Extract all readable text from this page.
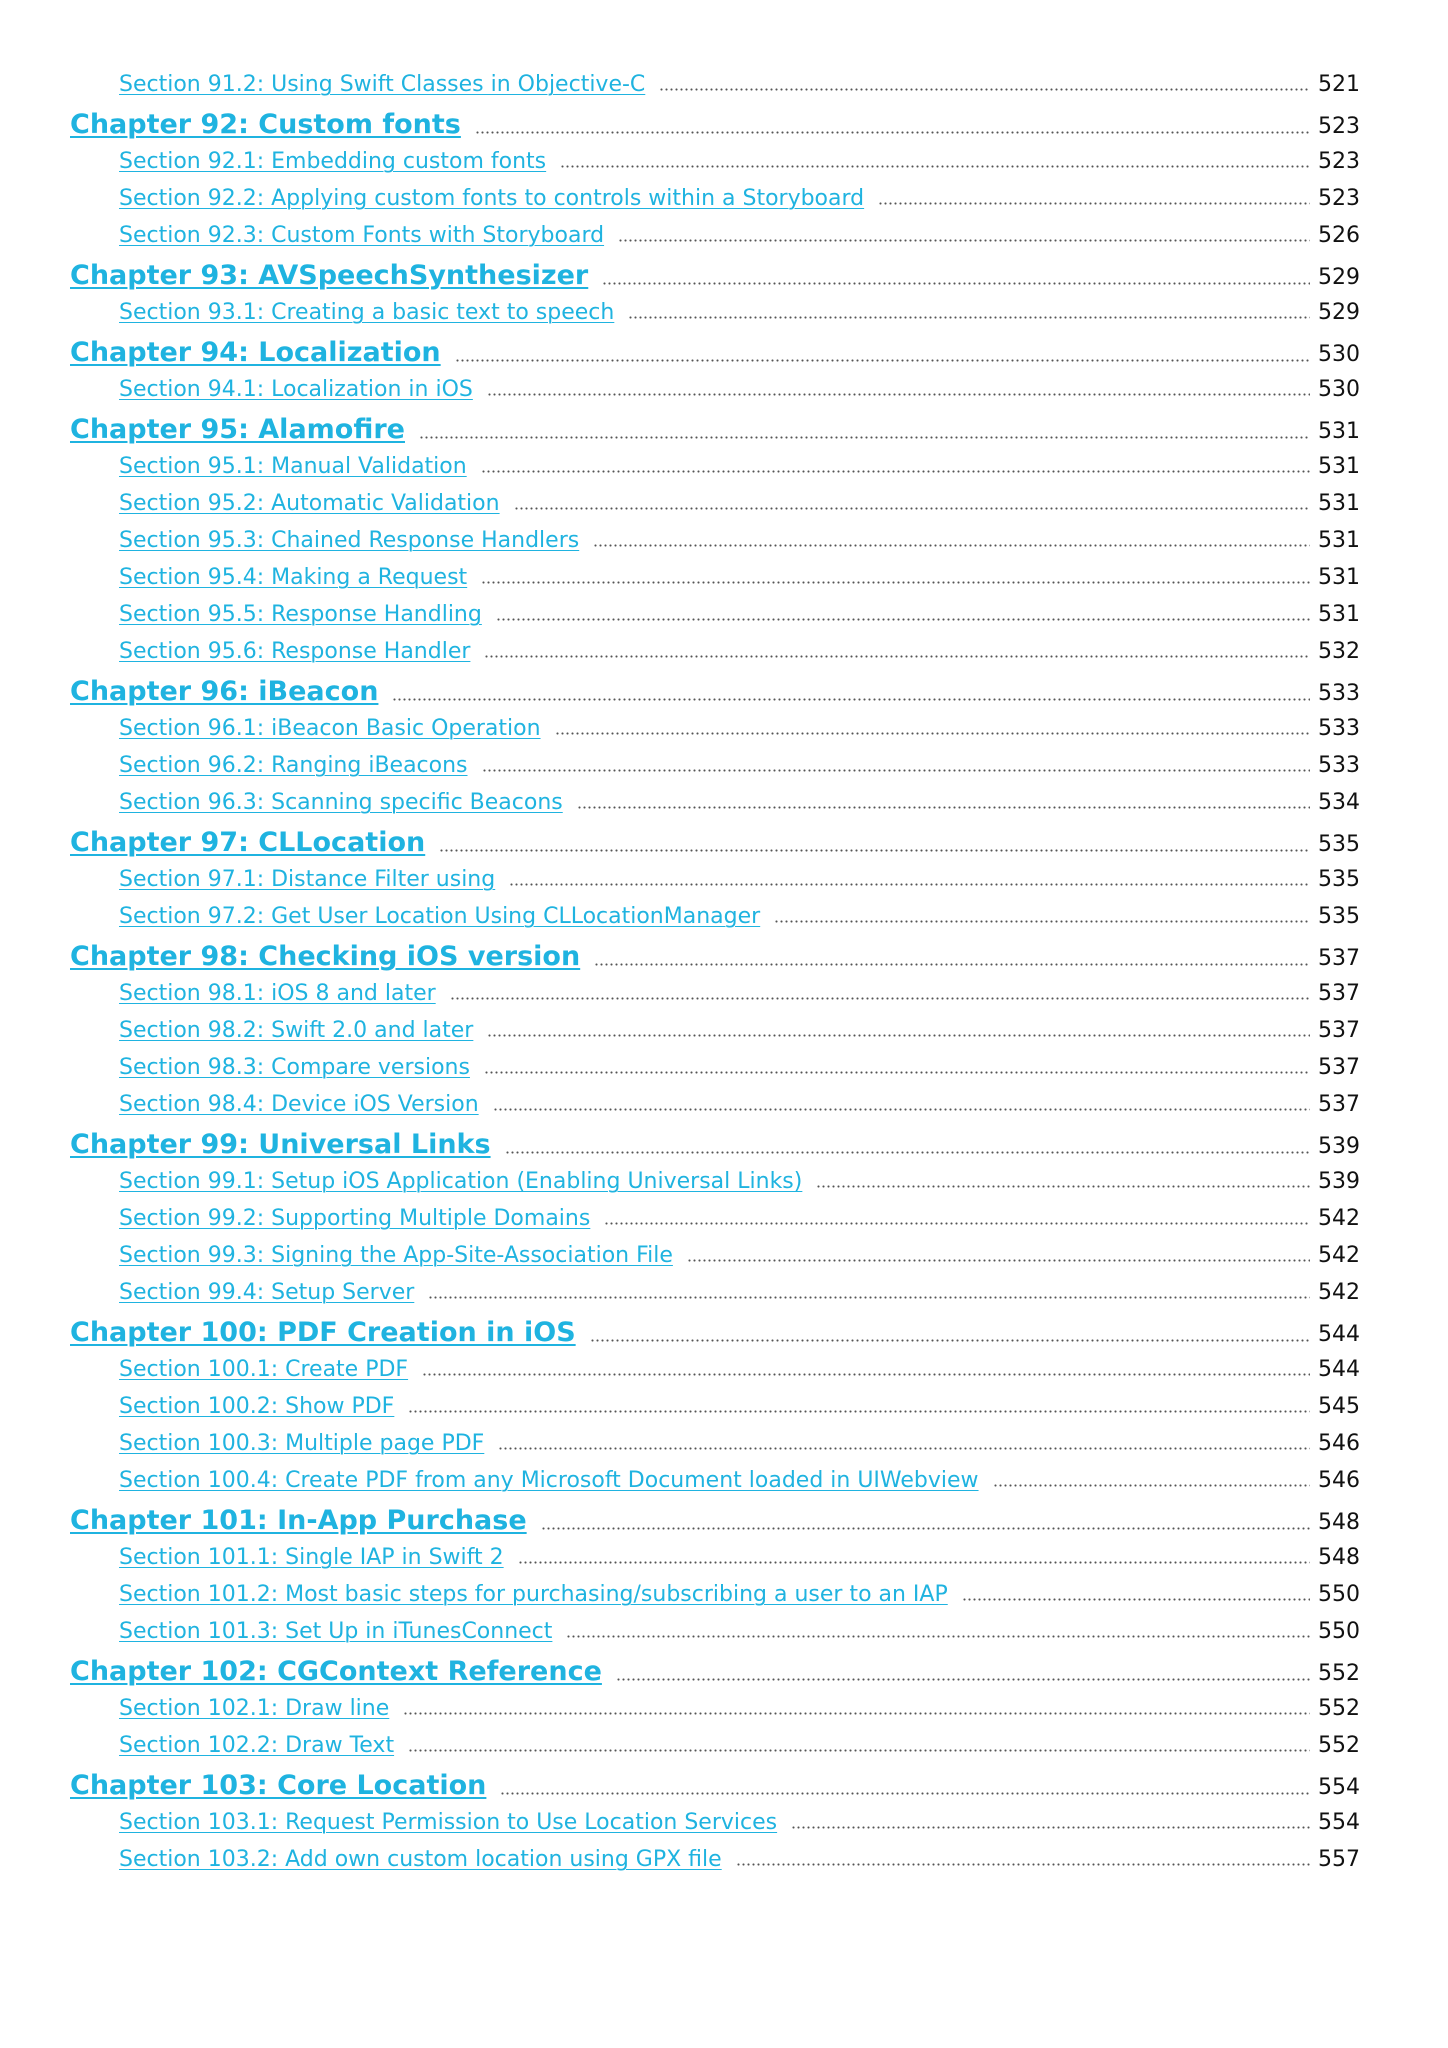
Section 91.2: Using Swift Classes in Objective-C	521
Chapter 92: Custom fonts	523
Section 92.1: Embedding custom fonts	523
Section 92.2: Applying custom fonts to controls within a Storyboard	523
Section 92.3: Custom Fonts with Storyboard	526
Chapter 93: AVSpeechSynthesizer	529
Section 93.1: Creating a basic text to speech	529
Chapter 94: Localization	530
Section 94.1: Localization in iOS	530
Chapter 95: Alamofire	531
Section 95.1: Manual Validation	531
Section 95.2: Automatic Validation	531
Section 95.3: Chained Response Handlers	531
Section 95.4: Making a Request	531
Section 95.5: Response Handling	531
Section 95.6: Response Handler	532
Chapter 96: iBeacon	533
Section 96.1: iBeacon Basic Operation	533
Section 96.2: Ranging iBeacons	533
Section 96.3: Scanning specific Beacons	534
Chapter 97: CLLocation	535
Section 97.1: Distance Filter using	535
Section 97.2: Get User Location Using CLLocationManager	535
Chapter 98: Checking iOS version	537
Section 98.1: iOS 8 and later	537
Section 98.2: Swift 2.0 and later	537
Section 98.3: Compare versions	537
Section 98.4: Device iOS Version	537
Chapter 99: Universal Links	539
Section 99.1: Setup iOS Application (Enabling Universal Links)	539
Section 99.2: Supporting Multiple Domains	542
Section 99.3: Signing the App-Site-Association File	542
Section 99.4: Setup Server	542
Chapter 100: PDF Creation in iOS	544
Section 100.1: Create PDF	544
Section 100.2: Show PDF	545
Section 100.3: Multiple page PDF	546
Section 100.4: Create PDF from any Microsoft Document loaded in UIWebview	546
Chapter 101: In-App Purchase	548
Section 101.1: Single IAP in Swift 2	548
Section 101.2: Most basic steps for purchasing/subscribing a user to an IAP	550
Section 101.3: Set Up in iTunesConnect	550
Chapter 102: CGContext Reference	552
Section 102.1: Draw line	552
Section 102.2: Draw Text	552
Chapter 103: Core Location	554
Section 103.1: Request Permission to Use Location Services	554
Section 103.2: Add own custom location using GPX file	557
